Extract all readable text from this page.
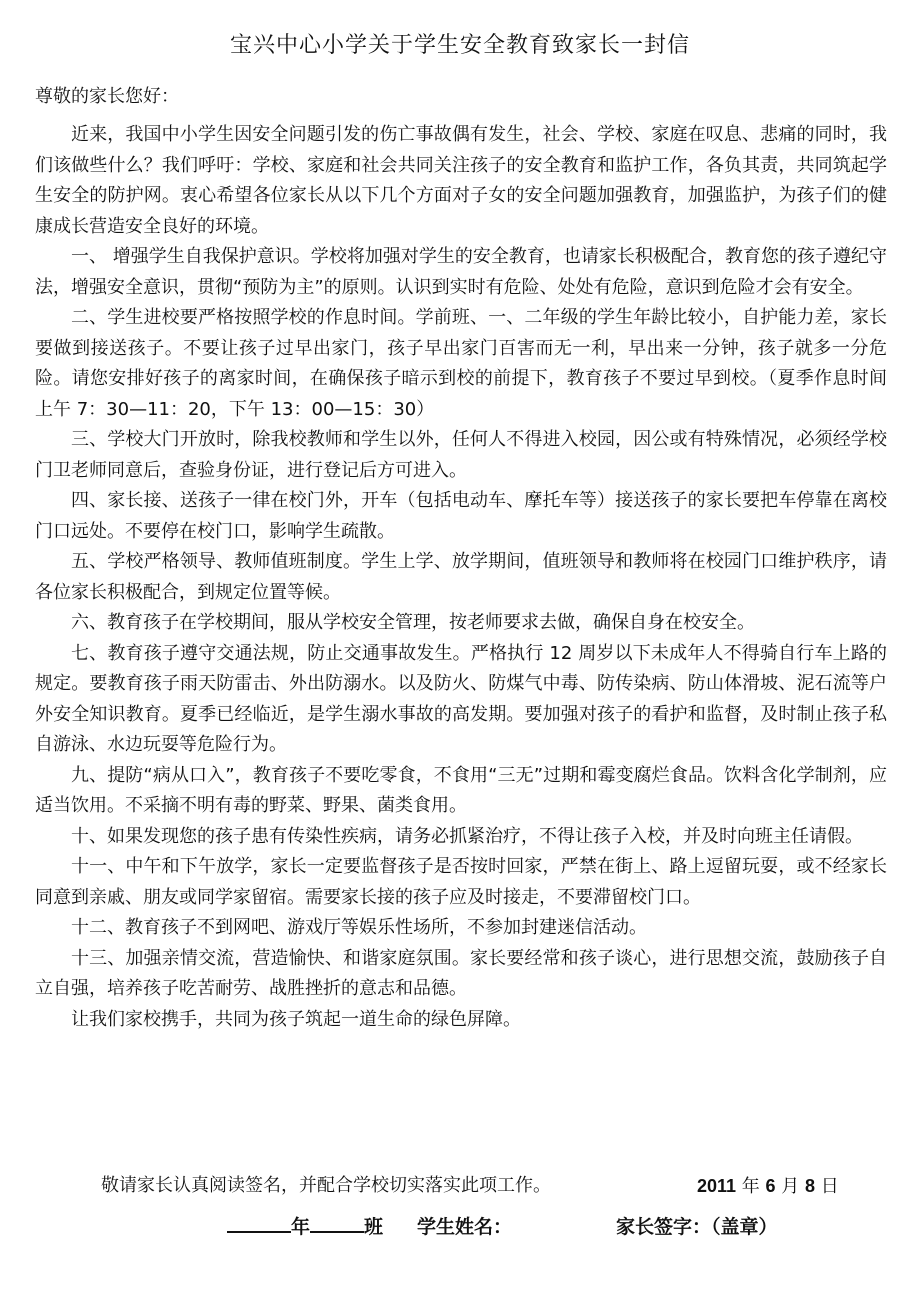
宝兴中心小学关于学生安全教育致家长一封信
尊敬的家长您好：

近来，我国中小学生因安全问题引发的伤亡事故偶有发生，社会、学校、家庭在叹息、悲痛的同时，我们该做些什么？我们呼吁：学校、家庭和社会共同关注孩子的安全教育和监护工作，各负其责，共同筑起学生安全的防护网。衷心希望各位家长从以下几个方面对子女的安全问题加强教育，加强监护，为孩子们的健康成长营造安全良好的环境。

一、 增强学生自我保护意识。学校将加强对学生的安全教育，也请家长积极配合，教育您的孩子遵纪守法，增强安全意识，贯彻“预防为主”的原则。认识到实时有危险、处处有危险，意识到危险才会有安全。

二、学生进校要严格按照学校的作息时间。学前班、一、二年级的学生年龄比较小，自护能力差，家长要做到接送孩子。不要让孩子过早出家门，孩子早出家门百害而无一利，早出来一分钟，孩子就多一分危险。请您安排好孩子的离家时间，在确保孩子暗示到校的前提下，教育孩子不要过早到校。（夏季作息时间上午 7：30—11：20，下午 13：00—15：30）

三、学校大门开放时，除我校教师和学生以外，任何人不得进入校园，因公或有特殊情况，必须经学校门卫老师同意后，查验身份证，进行登记后方可进入。

四、家长接、送孩子一律在校门外，开车（包括电动车、摩托车等）接送孩子的家长要把车停靠在离校门口远处。不要停在校门口，影响学生疏散。

五、学校严格领导、教师值班制度。学生上学、放学期间，值班领导和教师将在校园门口维护秩序，请各位家长积极配合，到规定位置等候。

六、教育孩子在学校期间，服从学校安全管理，按老师要求去做，确保自身在校安全。

七、教育孩子遵守交通法规，防止交通事故发生。严格执行 12 周岁以下未成年人不得骑自行车上路的规定。要教育孩子雨天防雷击、外出防溺水。以及防火、防煤气中毒、防传染病、防山体滑坡、泥石流等户外安全知识教育。夏季已经临近，是学生溺水事故的高发期。要加强对孩子的看护和监督，及时制止孩子私自游泳、水边玩耍等危险行为。

九、提防“病从口入”，教育孩子不要吃零食，不食用“三无”过期和霉变腐烂食品。饮料含化学制剂，应适当饮用。不采摘不明有毒的野菜、野果、菌类食用。

十、如果发现您的孩子患有传染性疾病，请务必抓紧治疗，不得让孩子入校，并及时向班主任请假。

十一、中午和下午放学，家长一定要监督孩子是否按时回家，严禁在街上、路上逗留玩耍，或不经家长同意到亲戚、朋友或同学家留宿。需要家长接的孩子应及时接走，不要滞留校门口。

十二、教育孩子不到网吧、游戏厅等娱乐性场所，不参加封建迷信活动。

十三、加强亲情交流，营造愉快、和谐家庭氛围。家长要经常和孩子谈心，进行思想交流，鼓励孩子自立自强，培养孩子吃苦耐劳、战胜挫折的意志和品德。

让我们家校携手，共同为孩子筑起一道生命的绿色屏障。

敬请家长认真阅读签名，并配合学校切实落实此项工作。	2011 年 6 月 8 日
年	班 学生姓名：	家长签字：（盖章）
